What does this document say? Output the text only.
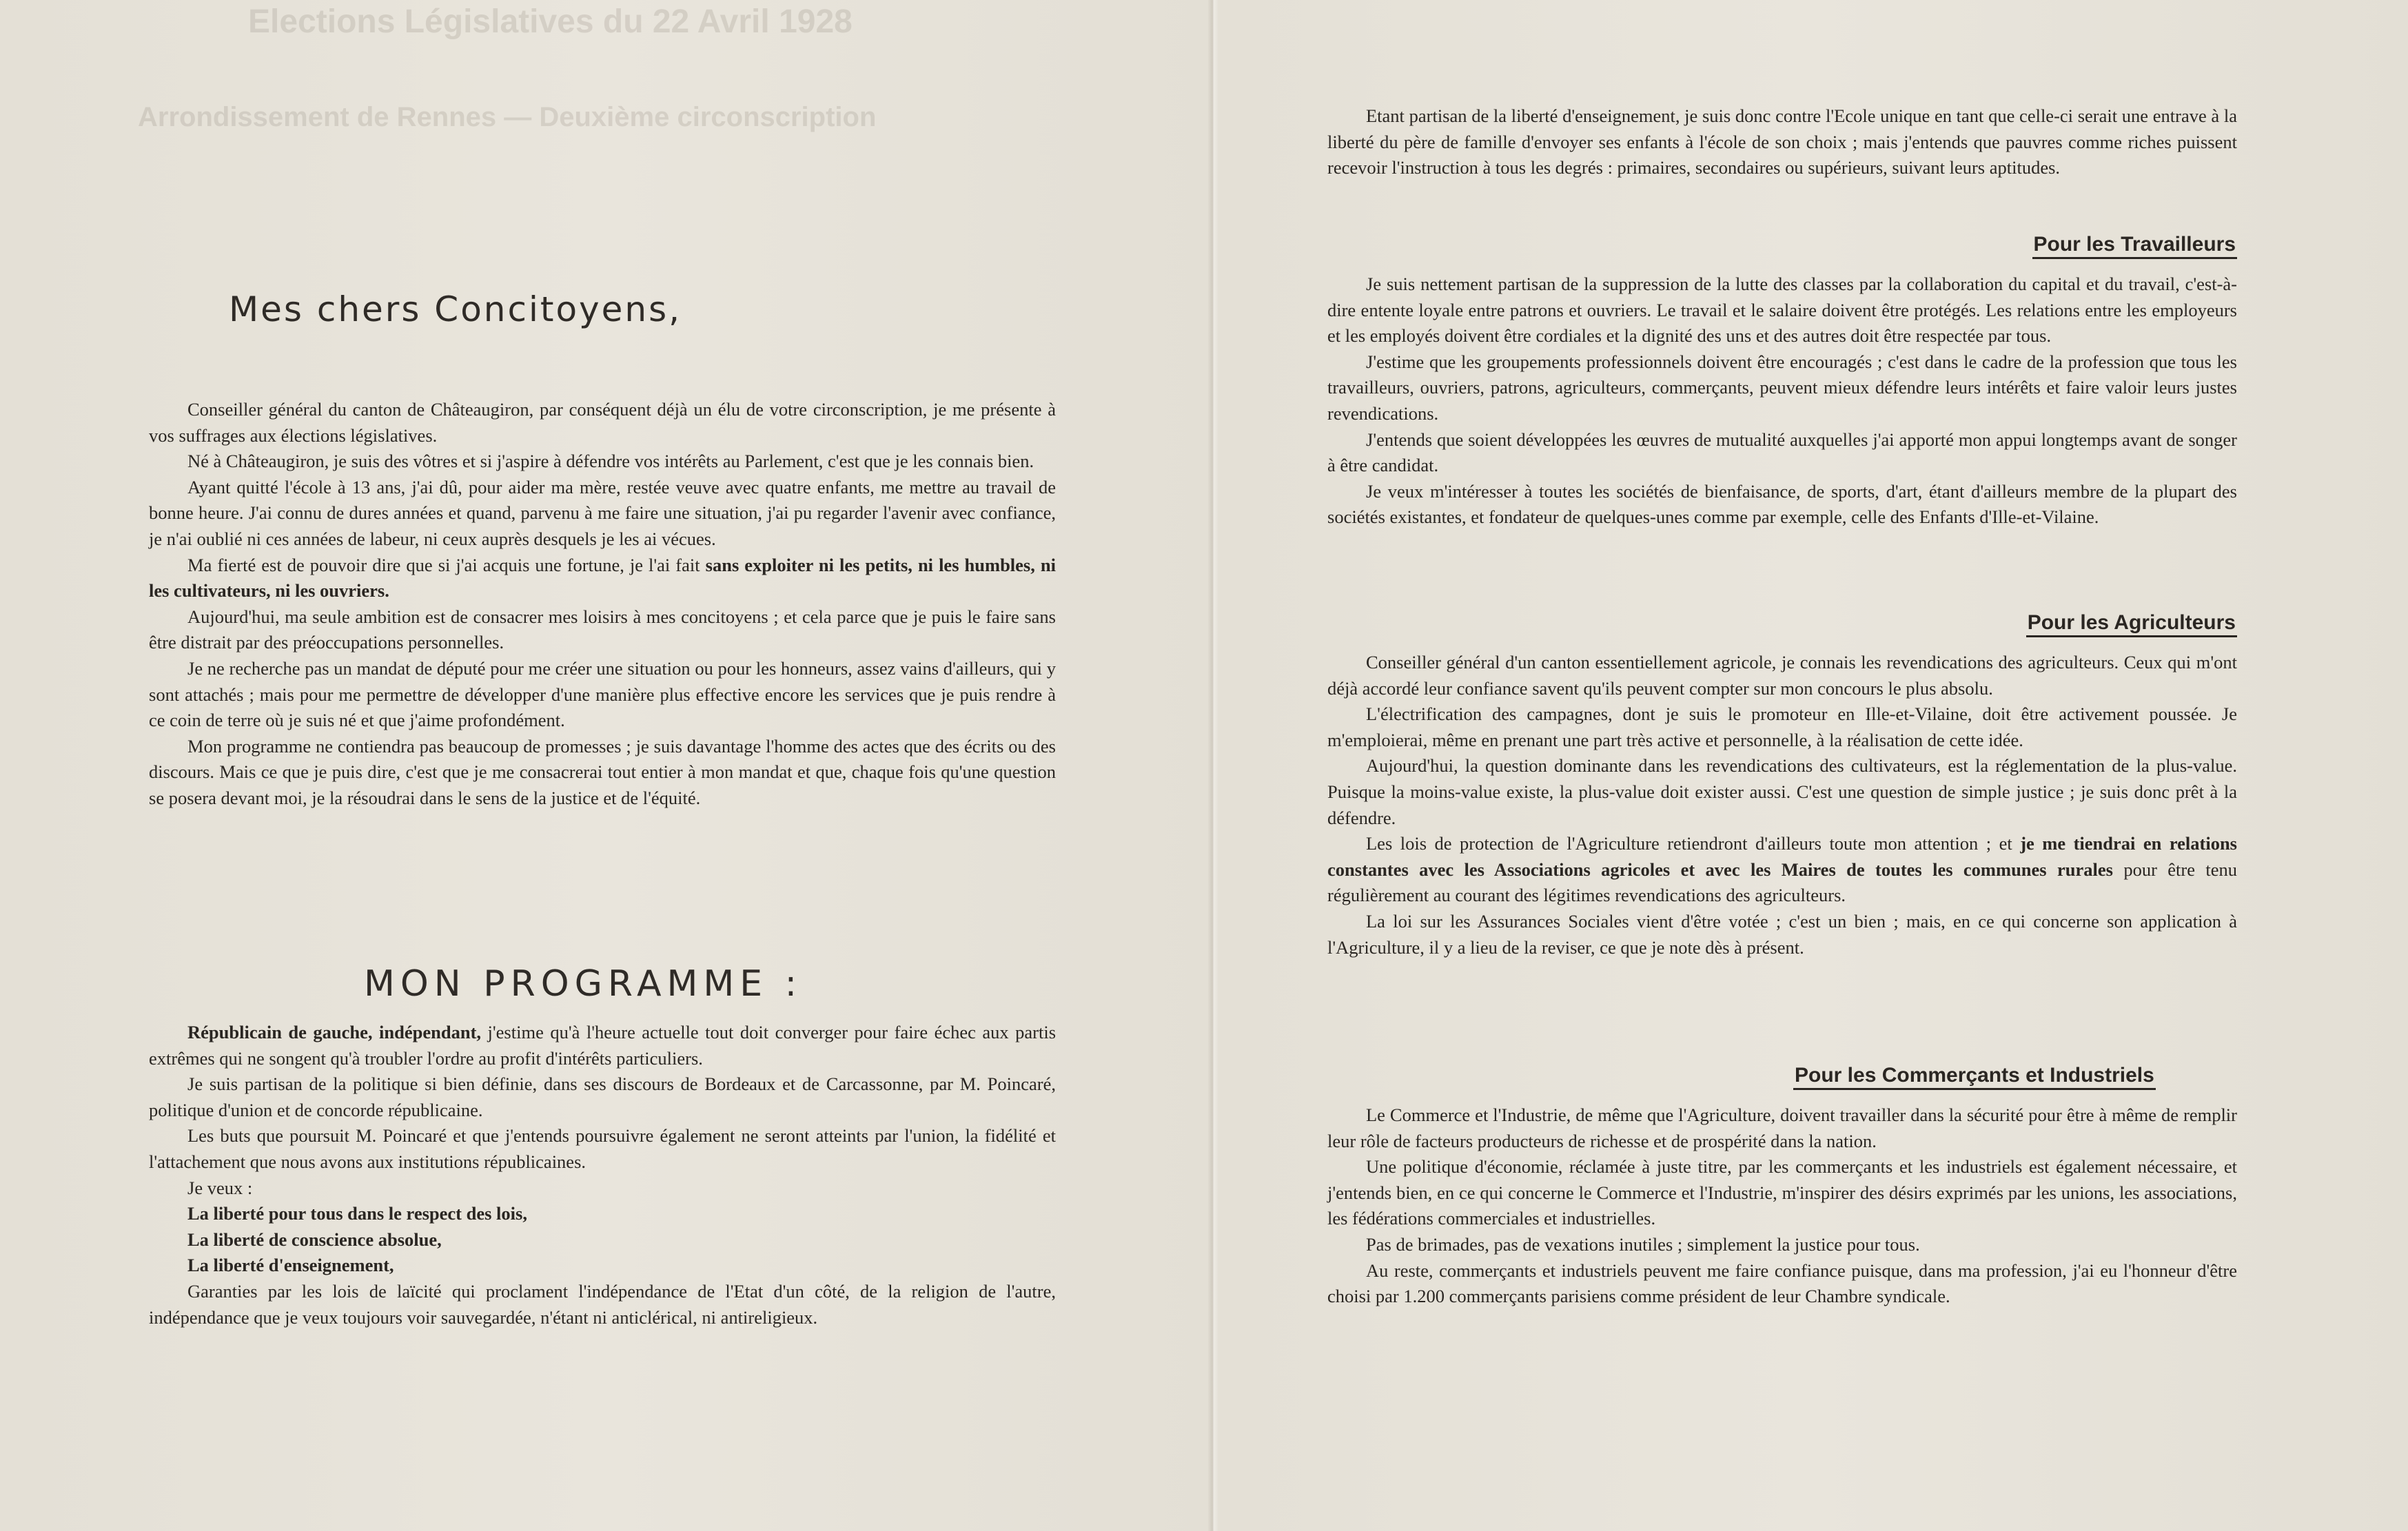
Elections Législatives du 22 Avril 1928
Arrondissement de Rennes — Deuxième circonscription
Mes chers Concitoyens,

Conseiller général du canton de Châteaugiron, par conséquent déjà un élu de votre circonscription, je me présente à vos suffrages aux élections législatives.

Né à Châteaugiron, je suis des vôtres et si j'aspire à défendre vos intérêts au Parlement, c'est que je les connais bien.

Ayant quitté l'école à 13 ans, j'ai dû, pour aider ma mère, restée veuve avec quatre enfants, me mettre au travail de bonne heure. J'ai connu de dures années et quand, parvenu à me faire une situation, j'ai pu regarder l'avenir avec confiance, je n'ai oublié ni ces années de labeur, ni ceux auprès desquels je les ai vécues.

Ma fierté est de pouvoir dire que si j'ai acquis une fortune, je l'ai fait sans exploiter ni les petits, ni les humbles, ni les cultivateurs, ni les ouvriers.

Aujourd'hui, ma seule ambition est de consacrer mes loisirs à mes concitoyens ; et cela parce que je puis le faire sans être distrait par des préoccupations personnelles.

Je ne recherche pas un mandat de député pour me créer une situation ou pour les honneurs, assez vains d'ailleurs, qui y sont attachés ; mais pour me permettre de développer d'une manière plus effective encore les services que je puis rendre à ce coin de terre où je suis né et que j'aime profondément.

Mon programme ne contiendra pas beaucoup de promesses ; je suis davantage l'homme des actes que des écrits ou des discours. Mais ce que je puis dire, c'est que je me consacrerai tout entier à mon mandat et que, chaque fois qu'une question se posera devant moi, je la résoudrai dans le sens de la justice et de l'équité.

MON PROGRAMME :

Républicain de gauche, indépendant, j'estime qu'à l'heure actuelle tout doit converger pour faire échec aux partis extrêmes qui ne songent qu'à troubler l'ordre au profit d'intérêts particuliers.

Je suis partisan de la politique si bien définie, dans ses discours de Bordeaux et de Carcassonne, par M. Poincaré, politique d'union et de concorde républicaine.

Les buts que poursuit M. Poincaré et que j'entends poursuivre également ne seront atteints par l'union, la fidélité et l'attachement que nous avons aux institutions républicaines.

Je veux :

La liberté pour tous dans le respect des lois,

La liberté de conscience absolue,

La liberté d'enseignement,

Garanties par les lois de laïcité qui proclament l'indépendance de l'Etat d'un côté, de la religion de l'autre, indépendance que je veux toujours voir sauvegardée, n'étant ni anticlérical, ni antireligieux.

Etant partisan de la liberté d'enseignement, je suis donc contre l'Ecole unique en tant que celle-ci serait une entrave à la liberté du père de famille d'envoyer ses enfants à l'école de son choix ; mais j'entends que pauvres comme riches puissent recevoir l'instruction à tous les degrés : primaires, secondaires ou supérieurs, suivant leurs aptitudes.

Pour les Travailleurs

Je suis nettement partisan de la suppression de la lutte des classes par la collaboration du capital et du travail, c'est-à-dire entente loyale entre patrons et ouvriers. Le travail et le salaire doivent être protégés. Les relations entre les employeurs et les employés doivent être cordiales et la dignité des uns et des autres doit être respectée par tous.

J'estime que les groupements professionnels doivent être encouragés ; c'est dans le cadre de la profession que tous les travailleurs, ouvriers, patrons, agriculteurs, commerçants, peuvent mieux défendre leurs intérêts et faire valoir leurs justes revendications.

J'entends que soient développées les œuvres de mutualité auxquelles j'ai apporté mon appui longtemps avant de songer à être candidat.

Je veux m'intéresser à toutes les sociétés de bienfaisance, de sports, d'art, étant d'ailleurs membre de la plupart des sociétés existantes, et fondateur de quelques-unes comme par exemple, celle des Enfants d'Ille-et-Vilaine.

Pour les Agriculteurs

Conseiller général d'un canton essentiellement agricole, je connais les revendications des agriculteurs. Ceux qui m'ont déjà accordé leur confiance savent qu'ils peuvent compter sur mon concours le plus absolu.

L'électrification des campagnes, dont je suis le promoteur en Ille-et-Vilaine, doit être activement poussée. Je m'emploierai, même en prenant une part très active et personnelle, à la réalisation de cette idée.

Aujourd'hui, la question dominante dans les revendications des cultivateurs, est la réglementation de la plus-value. Puisque la moins-value existe, la plus-value doit exister aussi. C'est une question de simple justice ; je suis donc prêt à la défendre.

Les lois de protection de l'Agriculture retiendront d'ailleurs toute mon attention ; et je me tiendrai en relations constantes avec les Associations agricoles et avec les Maires de toutes les communes rurales pour être tenu régulièrement au courant des légitimes revendications des agriculteurs.

La loi sur les Assurances Sociales vient d'être votée ; c'est un bien ; mais, en ce qui concerne son application à l'Agriculture, il y a lieu de la reviser, ce que je note dès à présent.

Pour les Commerçants et Industriels

Le Commerce et l'Industrie, de même que l'Agriculture, doivent travailler dans la sécurité pour être à même de remplir leur rôle de facteurs producteurs de richesse et de prospérité dans la nation.

Une politique d'économie, réclamée à juste titre, par les commerçants et les industriels est également nécessaire, et j'entends bien, en ce qui concerne le Commerce et l'Industrie, m'inspirer des désirs exprimés par les unions, les associations, les fédérations commerciales et industrielles.

Pas de brimades, pas de vexations inutiles ; simplement la justice pour tous.

Au reste, commerçants et industriels peuvent me faire confiance puisque, dans ma profession, j'ai eu l'honneur d'être choisi par 1.200 commerçants parisiens comme président de leur Chambre syndicale.
